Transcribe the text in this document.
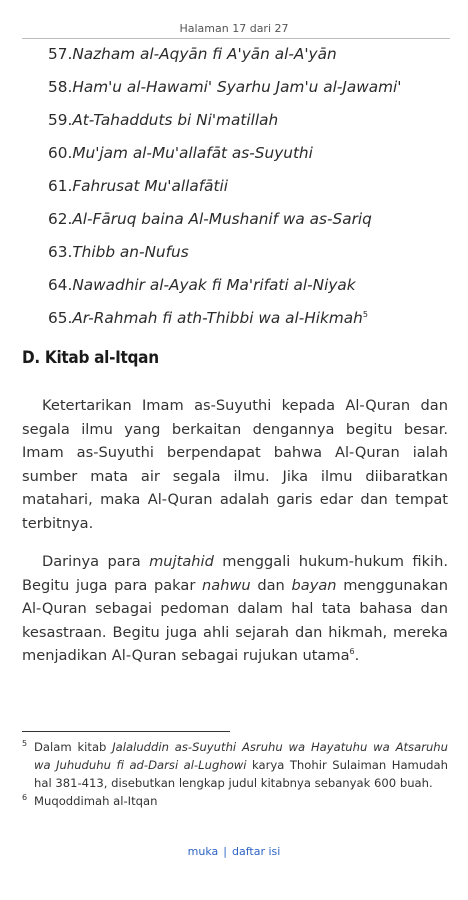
Halaman 17 dari 27
57.Nazham al-Aqyān fi A'yān al-A'yān
58.Ham'u al-Hawami' Syarhu Jam'u al-Jawami'
59.At-Tahadduts bi Ni'matillah
60.Mu'jam al-Mu'allafāt as-Suyuthi
61.Fahrusat Mu'allafātii
62.Al-Fāruq baina Al-Mushanif wa as-Sariq
63.Thibb an-Nufus
64.Nawadhir al-Ayak fi Ma'rifati al-Niyak
65.Ar-Rahmah fi ath-Thibbi wa al-Hikmah$^5$
D. Kitab al-Itqan

Ketertarikan Imam as-Suyuthi kepada Al-Quran dan segala ilmu yang berkaitan dengannya begitu besar. Imam as-Suyuthi berpendapat bahwa Al-Quran ialah sumber mata air segala ilmu. Jika ilmu diibaratkan matahari, maka Al-Quran adalah garis edar dan tempat terbitnya.

Darinya para mujtahid menggali hukum-hukum fikih. Begitu juga para pakar nahwu dan bayan menggunakan Al-Quran sebagai pedoman dalam hal tata bahasa dan kesastraan. Begitu juga ahli sejarah dan hikmah, mereka menjadikan Al-Quran sebagai rujukan utama$^6$.

5 Dalam kitab Jalaluddin as-Suyuthi Asruhu wa Hayatuhu wa Atsaruhu wa Juhuduhu fi ad-Darsi al-Lughowi karya Thohir Sulaiman Hamudah hal 381-413, disebutkan lengkap judul kitabnya sebanyak 600 buah.
6 Muqoddimah al-Itqan
muka | daftar isi
